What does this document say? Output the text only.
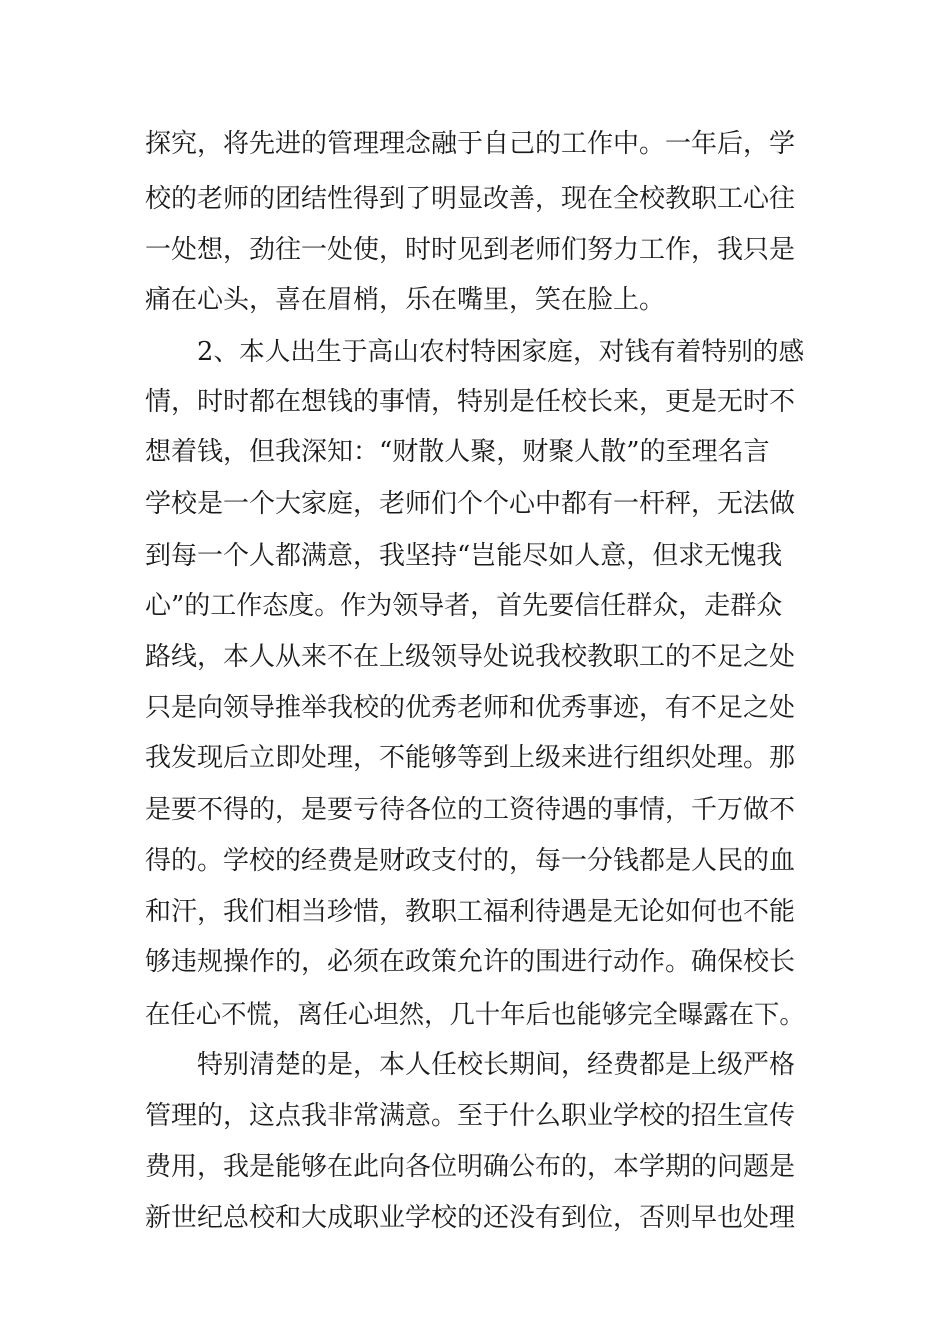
探究，将先进的管理理念融于自己的工作中。一年后，学

校的老师的团结性得到了明显改善，现在全校教职工心往

一处想，劲往一处使，时时见到老师们努力工作，我只是

痛在心头，喜在眉梢，乐在嘴里，笑在脸上。

2、本人出生于高山农村特困家庭，对钱有着特别的感

情，时时都在想钱的事情，特别是任校长来，更是无时不

想着钱，但我深知：“财散人聚，财聚人散”的至理名言

学校是一个大家庭，老师们个个心中都有一杆秤，无法做

到每一个人都满意，我坚持“岂能尽如人意，但求无愧我

心”的工作态度。作为领导者，首先要信任群众，走群众

路线，本人从来不在上级领导处说我校教职工的不足之处

只是向领导推举我校的优秀老师和优秀事迹，有不足之处

我发现后立即处理，不能够等到上级来进行组织处理。那

是要不得的，是要亏待各位的工资待遇的事情，千万做不

得的。学校的经费是财政支付的，每一分钱都是人民的血

和汗，我们相当珍惜，教职工福利待遇是无论如何也不能

够违规操作的，必须在政策允许的围进行动作。确保校长

在任心不慌，离任心坦然，几十年后也能够完全曝露在下。

特别清楚的是，本人任校长期间，经费都是上级严格

管理的，这点我非常满意。至于什么职业学校的招生宣传

费用，我是能够在此向各位明确公布的，本学期的问题是

新世纪总校和大成职业学校的还没有到位，否则早也处理
